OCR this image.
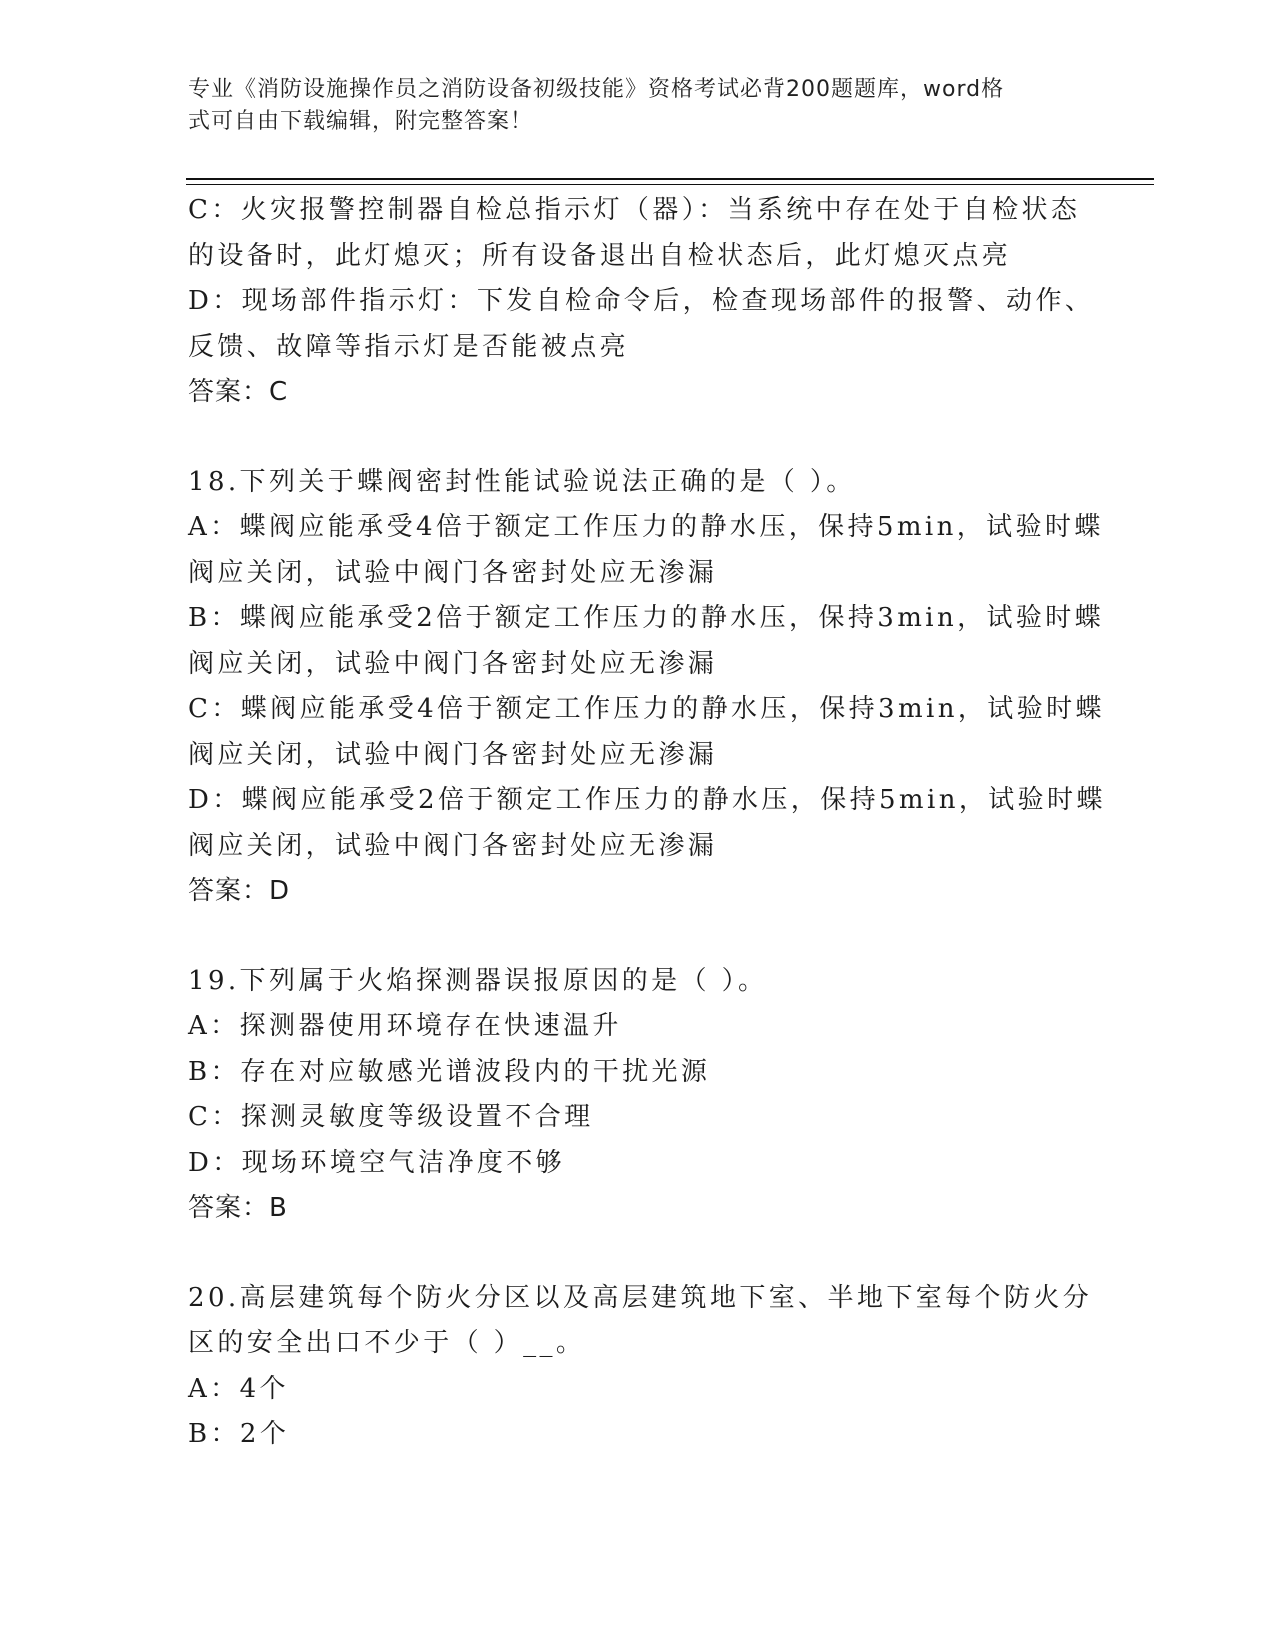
专业《消防设施操作员之消防设备初级技能》资格考试必背200题题库，word格
式可自由下载编辑，附完整答案！
C：火灾报警控制器自检总指示灯（器）：当系统中存在处于自检状态
的设备时，此灯熄灭；所有设备退出自检状态后，此灯熄灭点亮
D：现场部件指示灯：下发自检命令后，检查现场部件的报警、动作、
反馈、故障等指示灯是否能被点亮
答案：C
18.下列关于蝶阀密封性能试验说法正确的是（ ）。
A：蝶阀应能承受4倍于额定工作压力的静水压，保持5min，试验时蝶
阀应关闭，试验中阀门各密封处应无渗漏
B：蝶阀应能承受2倍于额定工作压力的静水压，保持3min，试验时蝶
阀应关闭，试验中阀门各密封处应无渗漏
C：蝶阀应能承受4倍于额定工作压力的静水压，保持3min，试验时蝶
阀应关闭，试验中阀门各密封处应无渗漏
D：蝶阀应能承受2倍于额定工作压力的静水压，保持5min，试验时蝶
阀应关闭，试验中阀门各密封处应无渗漏
答案：D
19.下列属于火焰探测器误报原因的是（ ）。
A：探测器使用环境存在快速温升
B：存在对应敏感光谱波段内的干扰光源
C：探测灵敏度等级设置不合理
D：现场环境空气洁净度不够
答案：B
20.高层建筑每个防火分区以及高层建筑地下室、半地下室每个防火分
区的安全出口不少于（ ）__。
A：4个
B：2个
